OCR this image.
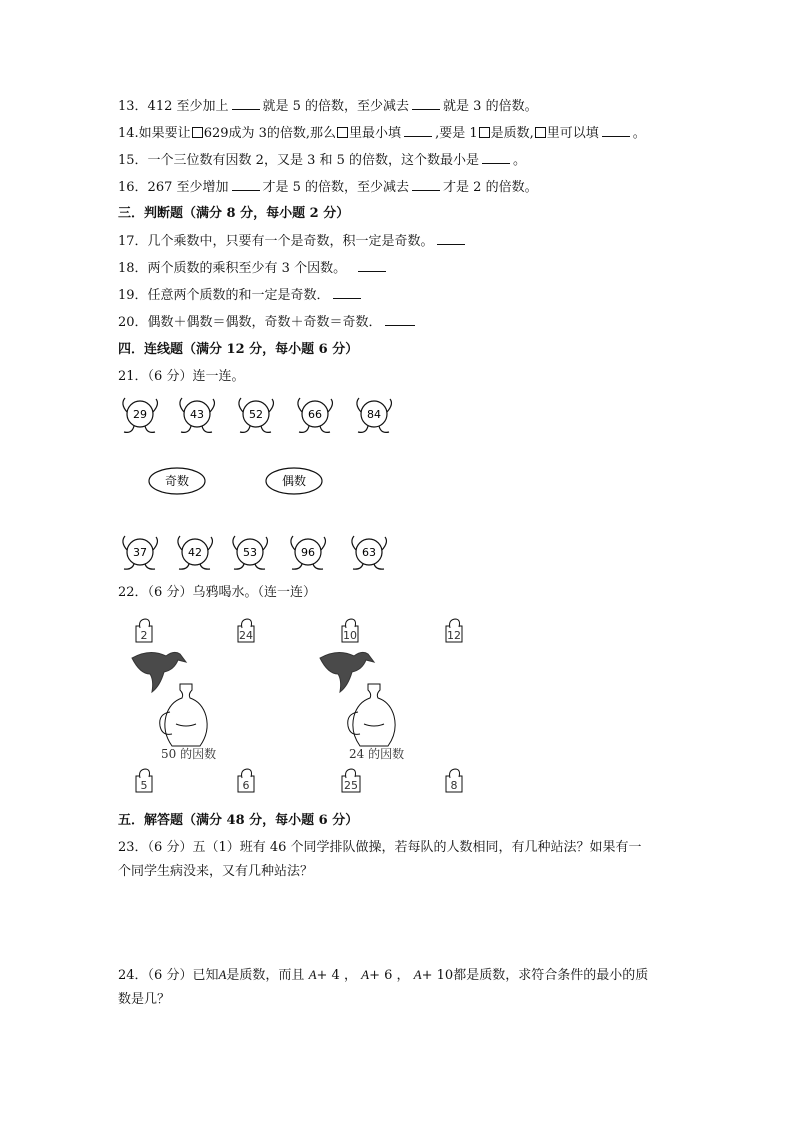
13．412 至少加上	就是 5 的倍数，至少减去	就是 3 的倍数。
14.如果要让 629成为 3的倍数,那么 里最小填	,要是 1 是质数, 里可以填	。
15．一个三位数有因数 2，又是 3 和 5 的倍数，这个数最小是	。
16．267 至少增加	才是 5 的倍数，至少减去	才是 2 的倍数。
三．判断题（满分 8 分，每小题 2 分）
17．几个乘数中，只要有一个是奇数，积一定是奇数。
18．两个质数的乘积至少有 3 个因数。
19．任意两个质数的和一定是奇数．
20．偶数＋偶数＝偶数，奇数＋奇数＝奇数．
四．连线题（满分 12 分，每小题 6 分）
21．（6 分）连一连。
29	43	52	66	84
奇数	偶数
37	42	53	96	63
22．（6 分）乌鸦喝水。（连一连）
2	24	10	12
50 的因数	24 的因数
5	6	25	8
五．解答题（满分 48 分，每小题 6 分）
23．（6 分）五（1）班有 46 个同学排队做操，若每队的人数相同，有几种站法？如果有一
个同学生病没来，又有几种站法？
24．（6 分）已知A是质数，而且 A+ 4 ， A+ 6 ， A+ 10都是质数，求符合条件的最小的质
数是几？
